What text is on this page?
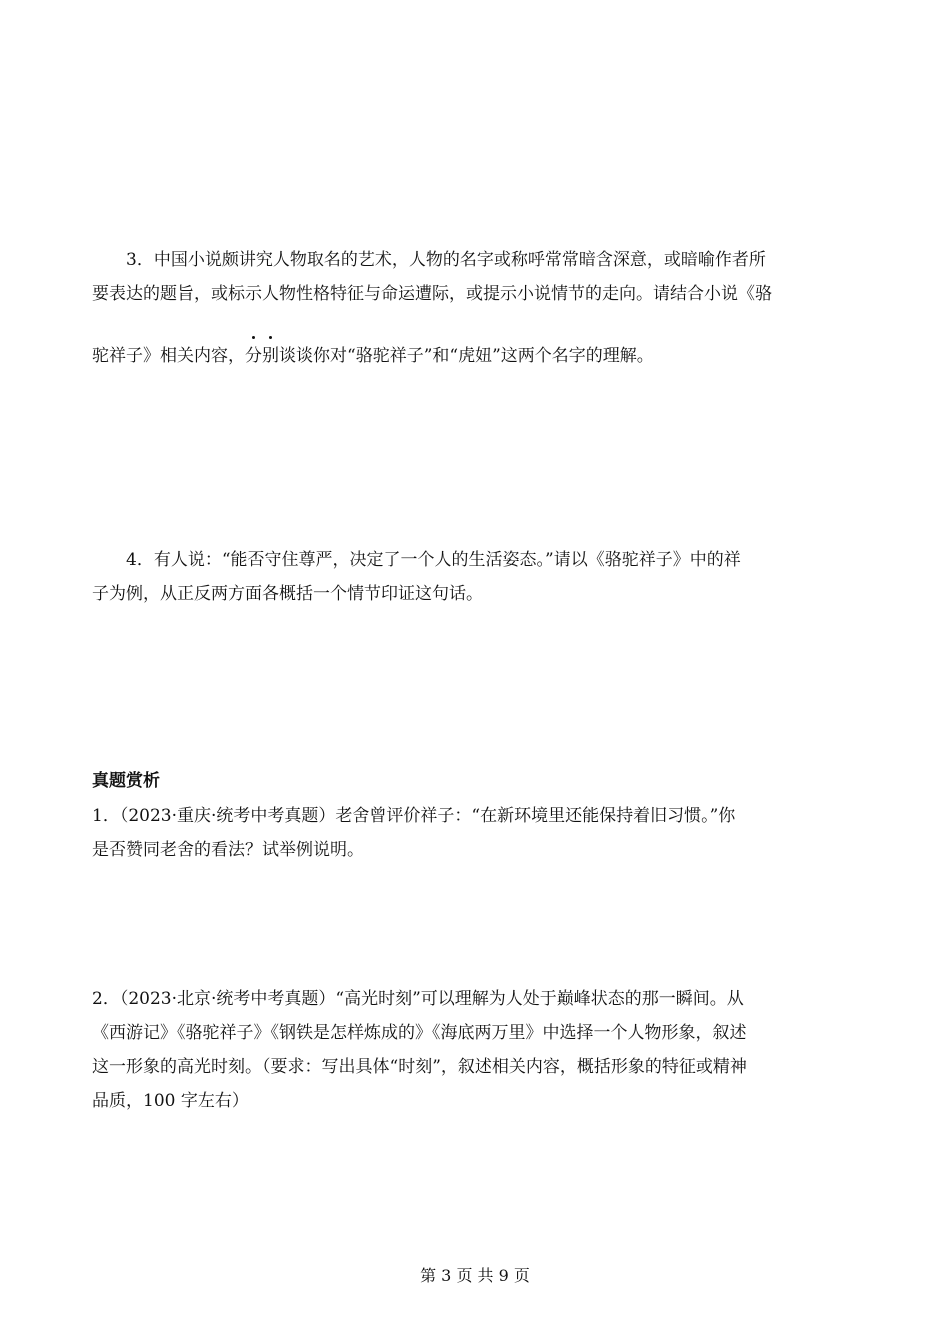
3．中国小说颇讲究人物取名的艺术，人物的名字或称呼常常暗含深意，或暗喻作者所
要表达的题旨，或标示人物性格特征与命运遭际，或提示小说情节的走向。请结合小说《骆
驼祥子》相关内容，分别谈谈你对“骆驼祥子”和“虎妞”这两个名字的理解。
4．有人说：“能否守住尊严，决定了一个人的生活姿态。”请以《骆驼祥子》中的祥
子为例，从正反两方面各概括一个情节印证这句话。
真题赏析
1．（2023·重庆·统考中考真题）老舍曾评价祥子：“在新环境里还能保持着旧习惯。”你
是否赞同老舍的看法？试举例说明。
2．（2023·北京·统考中考真题）“高光时刻”可以理解为人处于巅峰状态的那一瞬间。从
《西游记》《骆驼祥子》《钢铁是怎样炼成的》《海底两万里》中选择一个人物形象，叙述
这一形象的高光时刻。（要求：写出具体“时刻”，叙述相关内容，概括形象的特征或精神
品质，100 字左右）
第 3 页 共 9 页
